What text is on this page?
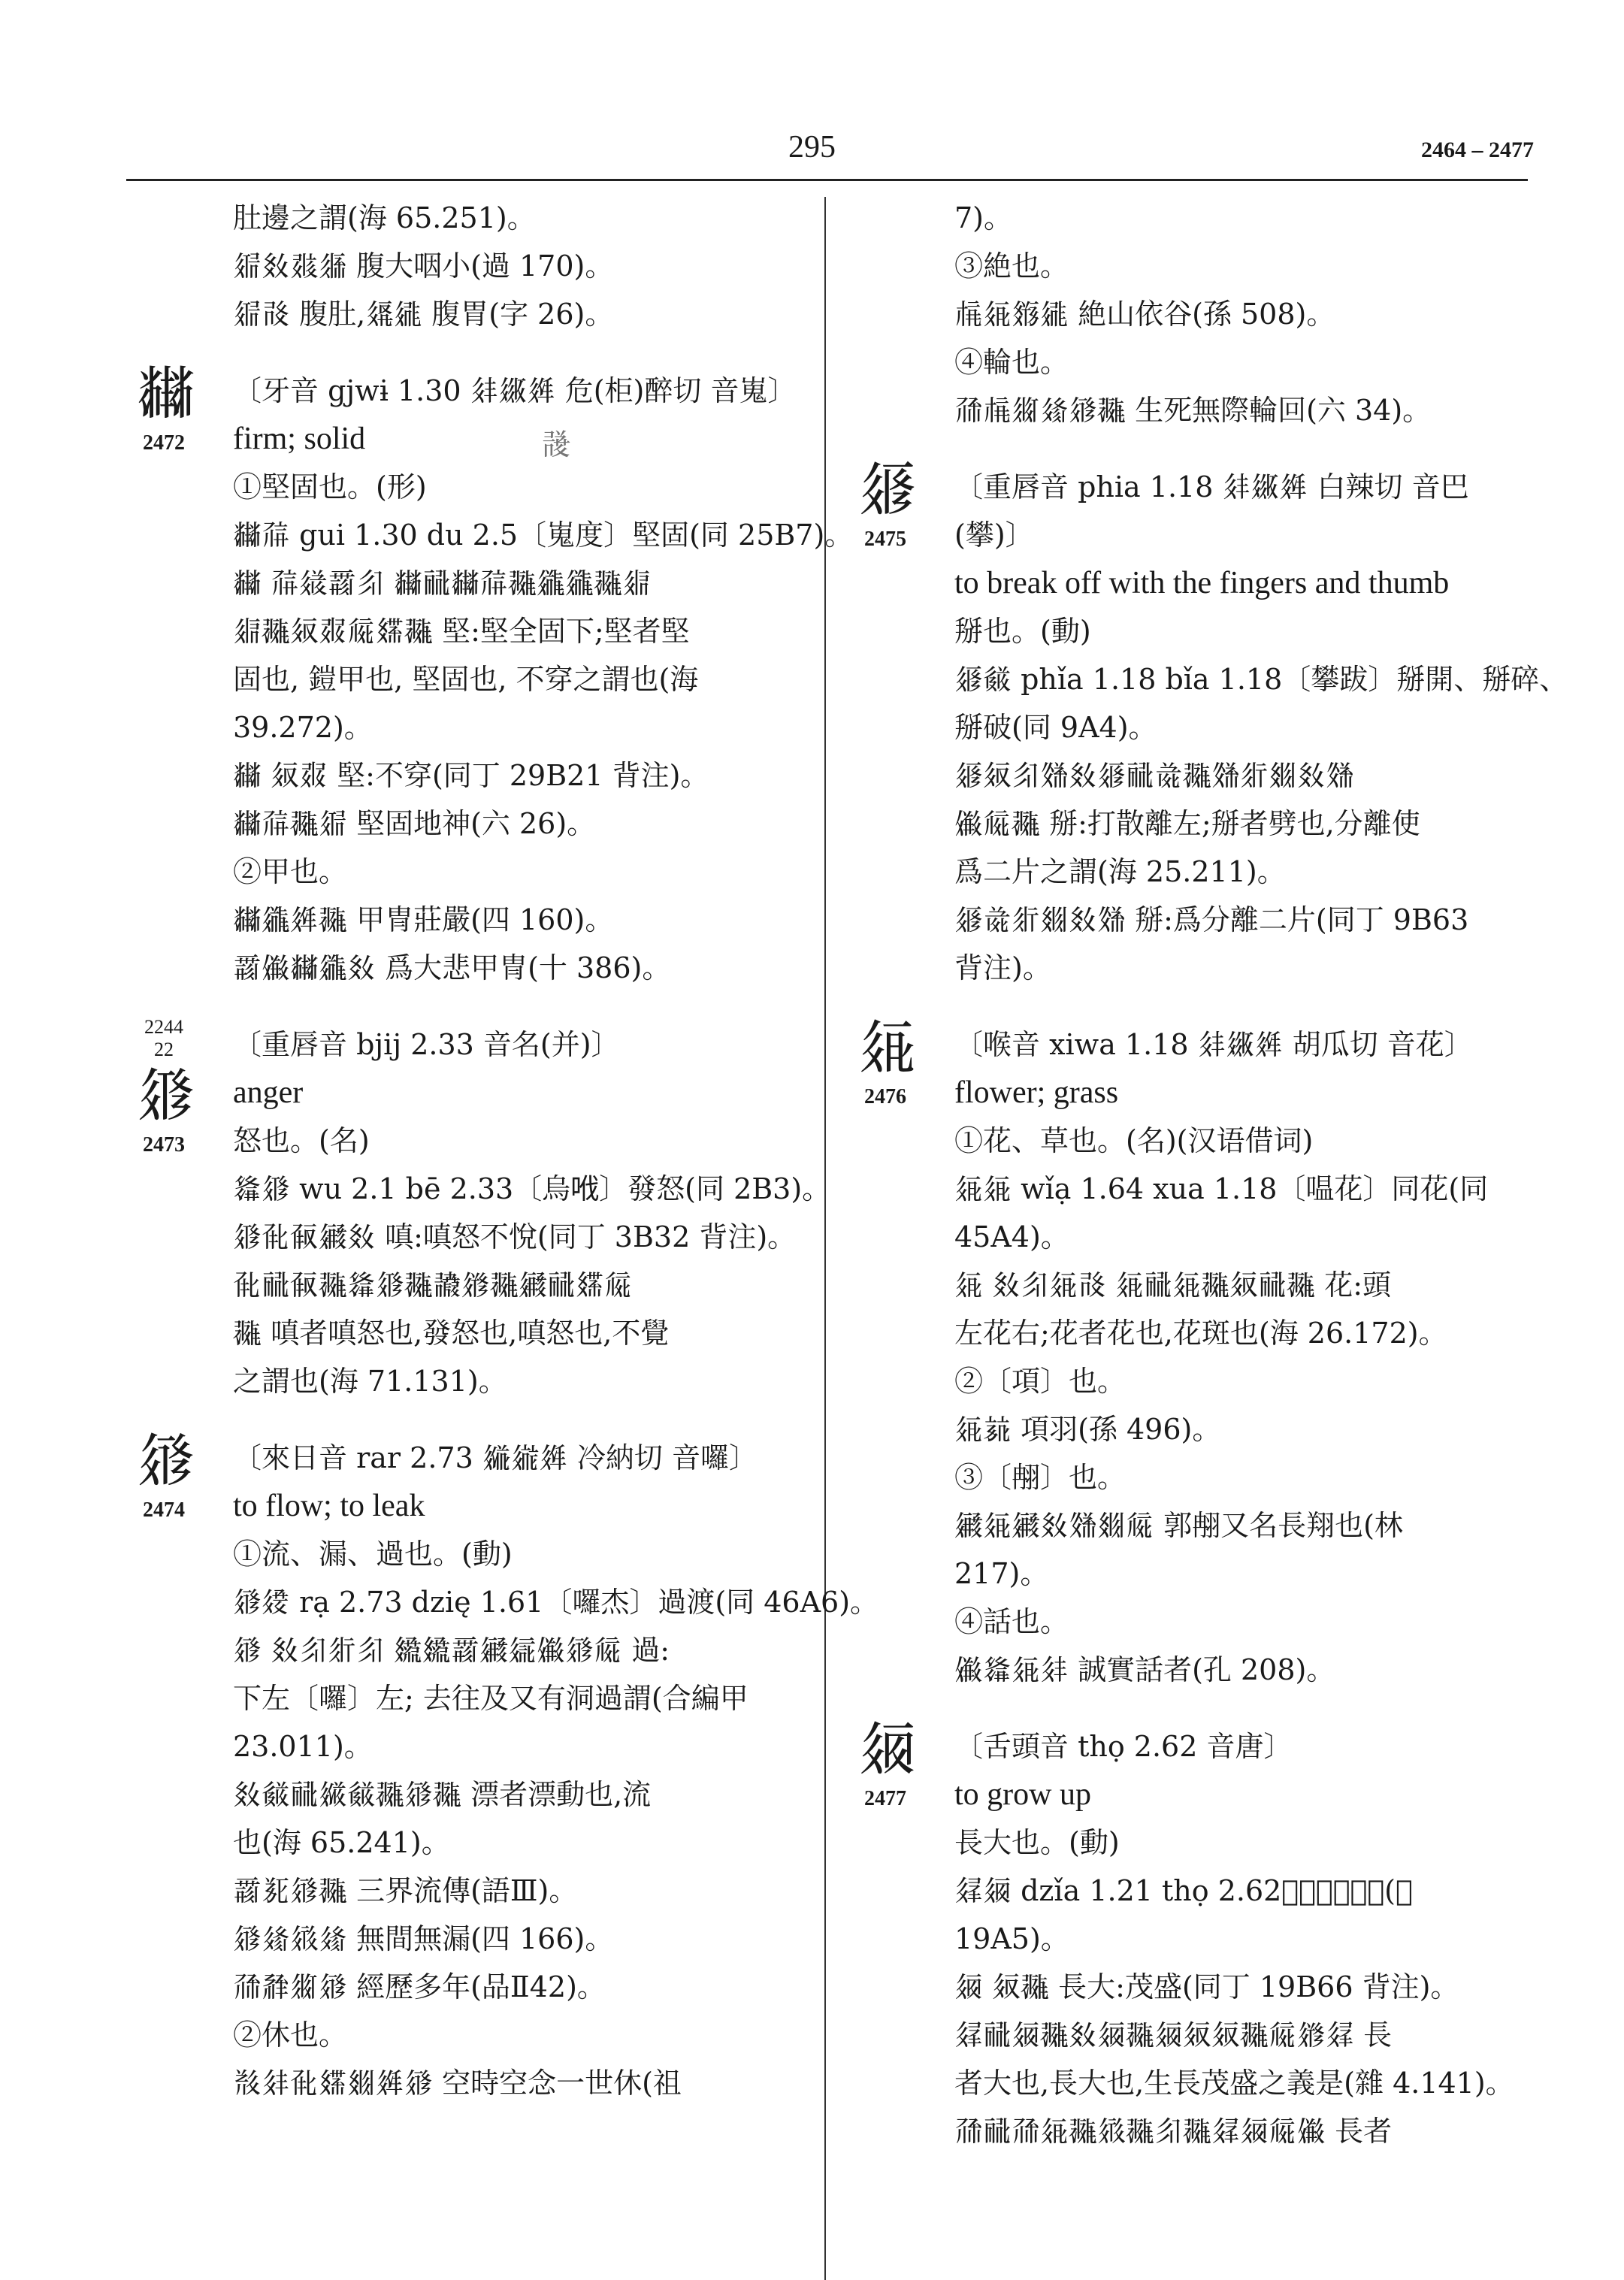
295	2464 – 2477
肚邊之謂(海 65.251)。
𗥇𗾈𘅍𗼓 腹大咽小(過 170)。
𗥇𗰗 腹肚,𗥋𗧓 腹胃(字 26)。
〔牙音 gjwɨ 1.30 𗢳𗧻𗤶 危(柜)醉切 音嵬〕
𘂧
firm; solid
2472	𘄍
①堅固也。(形)
𘂧𗗚 gui 1.30 du 2.5〔嵬度〕堅固(同 25B7)。
𘂧 𗗚𗧊𗵆𗼃 𘂧𗟻𘂧𗗚𗖵𗪟𗪟𗖵𗤋
𗤋𗖵𗢸𘄿𗏁𗿒𗖵 堅:堅全固下;堅者堅
固也, 鎧甲也, 堅固也, 不穿之謂也(海
39.272)。
𘂧 𗢸𘄿 堅:不穿(同丁 29B21 背注)。
𘂧𗗚𗖵𗥇 堅固地神(六 26)。
②甲也。
𘂧𗪟𗤶𗖵 甲冑莊嚴(四 160)。
𗵆𗏹𘂧𗪟𗾈 爲大悲甲冑(十 386)。
〔重唇音 bjij 2.33 音名(并)〕
2244
22
anger
𗤁
怒也。(名)
2473
𗌮𗤁 wu 2.1 bē 2.33〔烏𠲎〕發怒(同 2B3)。
𗤁𘆝𘆟𗪺𗾈 嗔:嗔怒不悅(同丁 3B32 背注)。
𘆝𗟻𘆟𗖵𗌮𗤁𗖵𘄒𗧁𗖵𗪺𗟻𗿒𗏁
𗖵 嗔者嗔怒也,發怒也,嗔怒也,不覺
之謂也(海 71.131)。
〔來日音 rar 2.73 𗧞𗨁𗤶 冷納切 音囉〕
𗤂
to flow; to leak
2474
①流、漏、過也。(動)
𗤂𗧕 rạ 2.73 dzię 1.61〔囉杰〕過渡(同 46A6)。
𗤂 𗾈𗼃𗼄𗼃 𗿷𗿷𗵆𗪺𗦇𗏹𗤂𗏁 過:
下左〔囉〕左; 去往及又有洞過謂(合編甲
23.011)。
𗾈𘊄𗟻𗧟𘊄𗖵𗤂𗖵 漂者漂動也,流
也(海 65.241)。
𗵆𗯩𗤂𗖵 三界流傳(語Ⅲ)。
𗤂𗦳𗤻𗦳 無間無漏(四 166)。
𗗙𗴂𗼕𗤂 經歷多年(品Ⅱ42)。
②休也。
𘃞𗢳𘆝𗿒𗾞𗤶𗤂 空時空念一世休(祖
7)。
③絶也。
𗍫𗤄𗾲𗧓 絶山依谷(孫 508)。
④輪也。
𗗙𗍫𗼕𗦳𗤂𗖵 生死無際輪回(六 34)。
〔重唇音 phia 1.18 𗢳𗧻𗤶 白辣切 音巴
𗤃
(攀)〕
2475
to break off with the fingers and thumb
掰也。(動)
𗤃𘊄 phǐa 1.18 bǐa 1.18〔攀跋〕掰開、掰碎、
掰破(同 9A4)。
𗤃𗢸𗼃𗽔𗾈𗤃𗟻𗯨𗖵𗽔𗼄𗾞𗾈𗽔
𗏹𗏁𗖵 掰:打散離左;掰者劈也,分離使
爲二片之謂(海 25.211)。
𗤃𗯨𗼄𗾞𗾈𗽔 掰:爲分離二片(同丁 9B63
背注)。
〔喉音 xiwa 1.18 𗢳𗧻𗤶 胡瓜切 音花〕
𗤄
flower; grass
2476
①花、草也。(名)(汉语借词)
𗤄𗤄 wǐạ 1.64 xua 1.18〔嗢花〕同花(同
45A4)。
𗤄 𗾈𗼃𗤄𗰗 𗤄𗟻𗤄𗖵𗢸𗟻𗖵 花:頭
左花右;花者花也,花斑也(海 26.172)。
②〔項〕也。
𗤄𗭪 項羽(孫 496)。
③〔䎃〕也。
𗪺𗤄𗪺𗾈𗽔𗾞𗏁 郭䎃又名長翔也(林
217)。
④話也。
𗏹𗌮𗤄𗢳 誠實話者(孔 208)。
〔舌頭音 thọ 2.62 音唐〕
𗤅
to grow up
2477
長大也。(動)
𗤮𗤅 dzǐa 1.21 thọ 2.62〔𪼋唐〕長大(同
19A5)。
𗤅 𗢸𗖵 長大:茂盛(同丁 19B66 背注)。
𗤮𗟻𗤅𗖵𗾈𗤅𗖵𗤅𗢸𗢸𗖵𗏁𗧁𗤮 長
者大也,長大也,生長茂盛之義是(雜 4.141)。
𗗙𗟻𗗙𗤄𗖵𗤻𗖵𗼃𗖵𗤮𗤅𗏁𗏹 長者
